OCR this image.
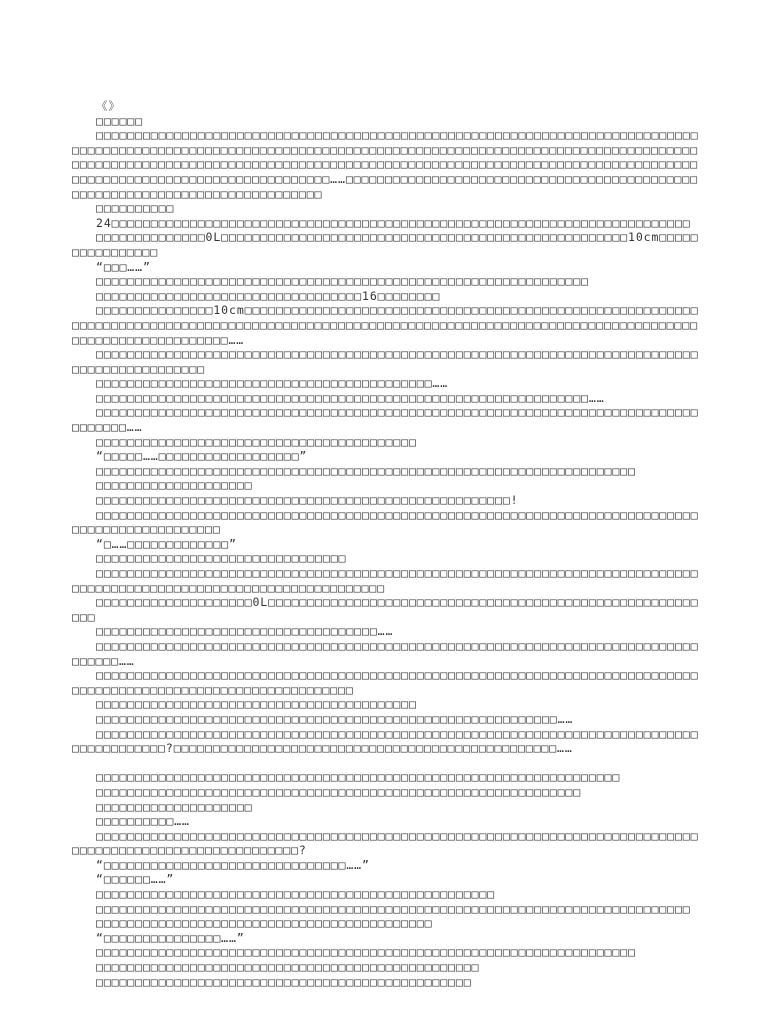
《》

□□□□□□

□□□□□□□□□□□□□□□□□□□□□□□□□□□□□□□□□□□□□□□□□□□□□□□□□□□□□□□□□□□□□□□□□□□□□□□□□□□□□□□□□□□□□□□□□□□□□□□□□□□□□□□□□□□□□□□□□□□□□□□□□□□□□□□□□□□□□□□□□□□□□□□□□□□□□□□□□□□□□□□□□□□□□□□□□□□□□□□□□□□□□□□□□□□□□□□□□□□□□□□□□□□□□□□□□□□□□□□□□□□□□□□□□□□□□□□□□□□□□□□□□□□□□□□□□□□□□□□□□□□□□□□□□□□□□□……□□□□□□□□□□□□□□□□□□□□□□□□□□□□□□□□□□□□□□□□□□□□□□□□□□□□□□□□□□□□□□□□□□□□□□□□□□□□□

□□□□□□□□□□

24□□□□□□□□□□□□□□□□□□□□□□□□□□□□□□□□□□□□□□□□□□□□□□□□□□□□□□□□□□□□□□□□□□□□□□□□□□

□□□□□□□□□□□□□□0L□□□□□□□□□□□□□□□□□□□□□□□□□□□□□□□□□□□□□□□□□□□□□□□□□□□□10cm□□□□□□□□□□□□□□□□

“□□□……”

□□□□□□□□□□□□□□□□□□□□□□□□□□□□□□□□□□□□□□□□□□□□□□□□□□□□□□□□□□□□□□□

□□□□□□□□□□□□□□□□□□□□□□□□□□□□□□□□□□16□□□□□□□□

□□□□□□□□□□□□□□□10cm□□□□□□□□□□□□□□□□□□□□□□□□□□□□□□□□□□□□□□□□□□□□□□□□□□□□□□□□□□□□□□□□□□□□□□□□□□□□□□□□□□□□□□□□□□□□□□□□□□□□□□□□□□□□□□□□□□□□□□□□□□□□□□□□□□□□□□□□□□□□□□□□□□□□□□□□□□□□□□……

□□□□□□□□□□□□□□□□□□□□□□□□□□□□□□□□□□□□□□□□□□□□□□□□□□□□□□□□□□□□□□□□□□□□□□□□□□□□□□□□□□□□□□□□□□□□□□

□□□□□□□□□□□□□□□□□□□□□□□□□□□□□□□□□□□□□□□□□□□……

□□□□□□□□□□□□□□□□□□□□□□□□□□□□□□□□□□□□□□□□□□□□□□□□□□□□□□□□□□□□□□□……

□□□□□□□□□□□□□□□□□□□□□□□□□□□□□□□□□□□□□□□□□□□□□□□□□□□□□□□□□□□□□□□□□□□□□□□□□□□□□□□□□□□□……

□□□□□□□□□□□□□□□□□□□□□□□□□□□□□□□□□□□□□□□□□

“□□□□□……□□□□□□□□□□□□□□□□□□”

□□□□□□□□□□□□□□□□□□□□□□□□□□□□□□□□□□□□□□□□□□□□□□□□□□□□□□□□□□□□□□□□□□□□□

□□□□□□□□□□□□□□□□□□□□

□□□□□□□□□□□□□□□□□□□□□□□□□□□□□□□□□□□□□□□□□□□□□□□□□□□□□!

□□□□□□□□□□□□□□□□□□□□□□□□□□□□□□□□□□□□□□□□□□□□□□□□□□□□□□□□□□□□□□□□□□□□□□□□□□□□□□□□□□□□□□□□□□□□□□□□

“□……□□□□□□□□□□□□□”

□□□□□□□□□□□□□□□□□□□□□□□□□□□□□□□□

□□□□□□□□□□□□□□□□□□□□□□□□□□□□□□□□□□□□□□□□□□□□□□□□□□□□□□□□□□□□□□□□□□□□□□□□□□□□□□□□□□□□□□□□□□□□□□□□□□□□□□□□□□□□□□□□□□□□□

□□□□□□□□□□□□□□□□□□□□0L□□□□□□□□□□□□□□□□□□□□□□□□□□□□□□□□□□□□□□□□□□□□□□□□□□□□□□□□□□

□□□□□□□□□□□□□□□□□□□□□□□□□□□□□□□□□□□□……

□□□□□□□□□□□□□□□□□□□□□□□□□□□□□□□□□□□□□□□□□□□□□□□□□□□□□□□□□□□□□□□□□□□□□□□□□□□□□□□□□□□……

□□□□□□□□□□□□□□□□□□□□□□□□□□□□□□□□□□□□□□□□□□□□□□□□□□□□□□□□□□□□□□□□□□□□□□□□□□□□□□□□□□□□□□□□□□□□□□□□□□□□□□□□□□□□□□□□□

□□□□□□□□□□□□□□□□□□□□□□□□□□□□□□□□□□□□□□□□□

□□□□□□□□□□□□□□□□□□□□□□□□□□□□□□□□□□□□□□□□□□□□□□□□□□□□□□□□□□□……

□□□□□□□□□□□□□□□□□□□□□□□□□□□□□□□□□□□□□□□□□□□□□□□□□□□□□□□□□□□□□□□□□□□□□□□□□□□□□□□□□□□□□□□□□?□□□□□□□□□□□□□□□□□□□□□□□□□□□□□□□□□□□□□□□□□□□□□□□□□……

□□□□□□□□□□□□□□□□□□□□□□□□□□□□□□□□□□□□□□□□□□□□□□□□□□□□□□□□□□□□□□□□□□□

□□□□□□□□□□□□□□□□□□□□□□□□□□□□□□□□□□□□□□□□□□□□□□□□□□□□□□□□□□□□□□

□□□□□□□□□□□□□□□□□□□□

□□□□□□□□□□……

□□□□□□□□□□□□□□□□□□□□□□□□□□□□□□□□□□□□□□□□□□□□□□□□□□□□□□□□□□□□□□□□□□□□□□□□□□□□□□□□□□□□□□□□□□□□□□□□□□□□□□□□□□?

“□□□□□□□□□□□□□□□□□□□□□□□□□□□□□□□……”

“□□□□□□……”

□□□□□□□□□□□□□□□□□□□□□□□□□□□□□□□□□□□□□□□□□□□□□□□□□□□

□□□□□□□□□□□□□□□□□□□□□□□□□□□□□□□□□□□□□□□□□□□□□□□□□□□□□□□□□□□□□□□□□□□□□□□□□□□□

□□□□□□□□□□□□□□□□□□□□□□□□□□□□□□□□□□□□□□□□□□□

“□□□□□□□□□□□□□□□……”

□□□□□□□□□□□□□□□□□□□□□□□□□□□□□□□□□□□□□□□□□□□□□□□□□□□□□□□□□□□□□□□□□□□□□

□□□□□□□□□□□□□□□□□□□□□□□□□□□□□□□□□□□□□□□□□□□□□□□□□

□□□□□□□□□□□□□□□□□□□□□□□□□□□□□□□□□□□□□□□□□□□□□□□□
